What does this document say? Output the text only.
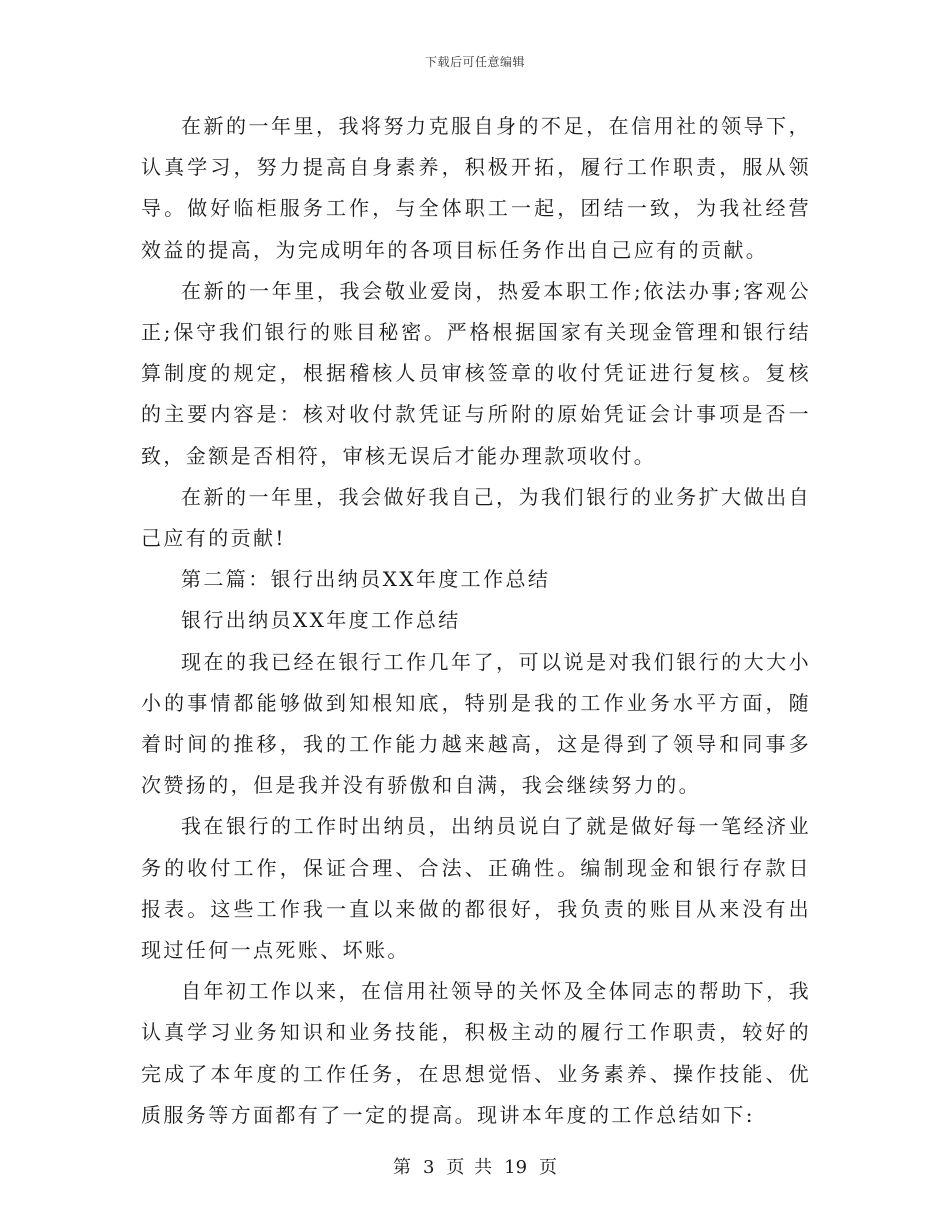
下载后可任意编辑

在新的一年里，我将努力克服自身的不足，在信用社的领导下，认真学习，努力提高自身素养，积极开拓，履行工作职责，服从领导。做好临柜服务工作，与全体职工一起，团结一致，为我社经营效益的提高，为完成明年的各项目标任务作出自己应有的贡献。

在新的一年里，我会敬业爱岗，热爱本职工作;依法办事;客观公正;保守我们银行的账目秘密。严格根据国家有关现金管理和银行结算制度的规定，根据稽核人员审核签章的收付凭证进行复核。复核的主要内容是：核对收付款凭证与所附的原始凭证会计事项是否一致，金额是否相符，审核无误后才能办理款项收付。

在新的一年里，我会做好我自己，为我们银行的业务扩大做出自己应有的贡献!

第二篇：银行出纳员XX年度工作总结

银行出纳员XX年度工作总结

现在的我已经在银行工作几年了，可以说是对我们银行的大大小小的事情都能够做到知根知底，特别是我的工作业务水平方面，随着时间的推移，我的工作能力越来越高，这是得到了领导和同事多次赞扬的，但是我并没有骄傲和自满，我会继续努力的。

我在银行的工作时出纳员，出纳员说白了就是做好每一笔经济业务的收付工作，保证合理、合法、正确性。编制现金和银行存款日报表。这些工作我一直以来做的都很好，我负责的账目从来没有出现过任何一点死账、坏账。

自年初工作以来，在信用社领导的关怀及全体同志的帮助下，我认真学习业务知识和业务技能，积极主动的履行工作职责，较好的完成了本年度的工作任务，在思想觉悟、业务素养、操作技能、优质服务等方面都有了一定的提高。现讲本年度的工作总结如下:

第 3 页 共 19 页
